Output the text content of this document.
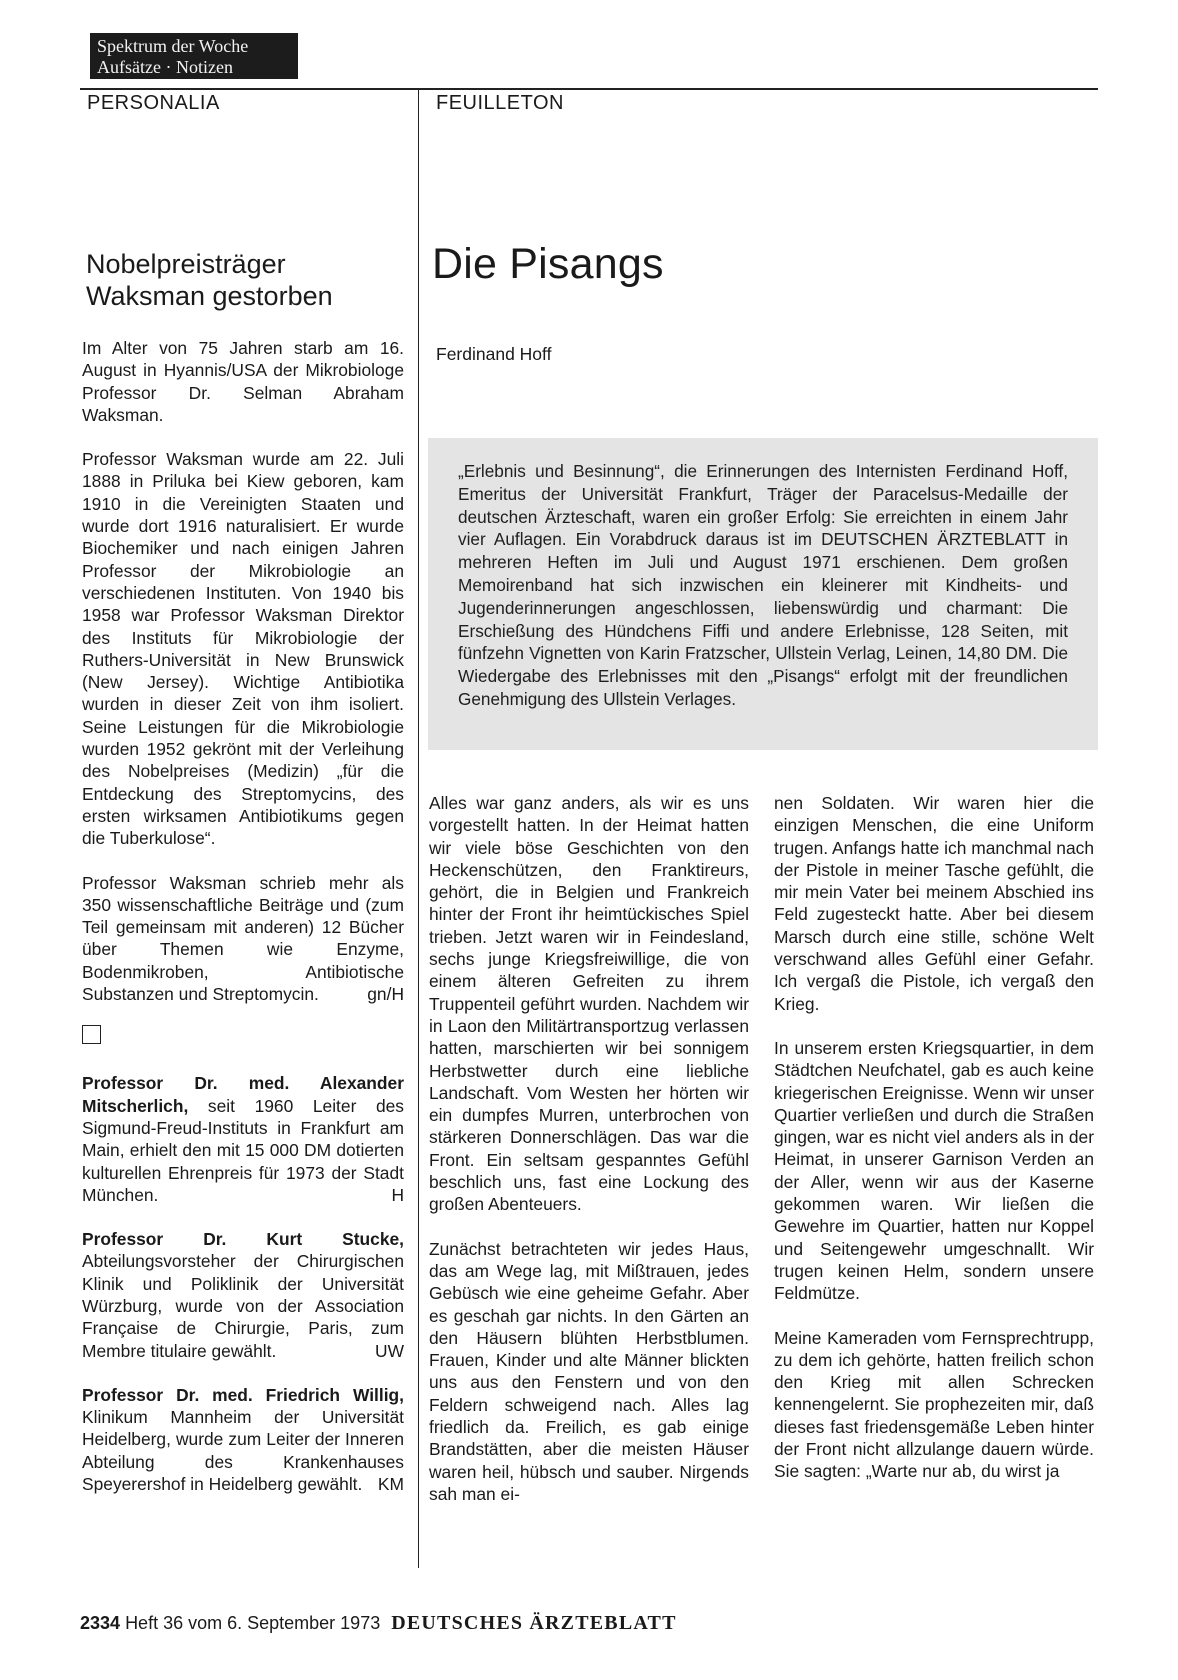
Spektrum der Woche
Aufsätze · Notizen
PERSONALIA	FEUILLETON
Nobelpreisträger
Waksman gestorben

Im Alter von 75 Jahren starb am 16. August in Hyannis/USA der Mikrobiologe Professor Dr. Selman Abraham Waksman.

Professor Waksman wurde am 22. Juli 1888 in Priluka bei Kiew geboren, kam 1910 in die Vereinigten Staaten und wurde dort 1916 naturalisiert. Er wurde Biochemiker und nach einigen Jahren Professor der Mikrobiologie an verschiedenen Instituten. Von 1940 bis 1958 war Professor Waksman Direktor des Instituts für Mikrobiologie der Ruthers-Universität in New Brunswick (New Jersey). Wichtige Antibiotika wurden in dieser Zeit von ihm isoliert. Seine Leistungen für die Mikrobiologie wurden 1952 gekrönt mit der Verleihung des Nobelpreises (Medizin) „für die Entdeckung des Streptomycins, des ersten wirksamen Antibiotikums gegen die Tuberkulose“.

Professor Waksman schrieb mehr als 350 wissenschaftliche Beiträge und (zum Teil gemeinsam mit anderen) 12 Bücher über Themen wie Enzyme, Bodenmikroben, Antibiotische Substanzen und Streptomycin.	gn/H

Professor Dr. med. Alexander Mitscherlich, seit 1960 Leiter des Sigmund-Freud-Instituts in Frankfurt am Main, erhielt den mit 15 000 DM dotierten kulturellen Ehrenpreis für 1973 der Stadt München.	H

Professor Dr. Kurt Stucke, Abteilungsvorsteher der Chirurgischen Klinik und Poliklinik der Universität Würzburg, wurde von der Association Française de Chirurgie, Paris, zum Membre titulaire gewählt.	UW

Professor Dr. med. Friedrich Willig, Klinikum Mannheim der Universität Heidelberg, wurde zum Leiter der Inneren Abteilung des Krankenhauses Speyerershof in Heidelberg gewählt. KM

Die Pisangs
Ferdinand Hoff

„Erlebnis und Besinnung“, die Erinnerungen des Internisten Ferdinand Hoff, Emeritus der Universität Frankfurt, Träger der Paracelsus-Medaille der deutschen Ärzteschaft, waren ein großer Erfolg: Sie erreichten in einem Jahr vier Auflagen. Ein Vorabdruck daraus ist im DEUTSCHEN ÄRZTEBLATT in mehreren Heften im Juli und August 1971 erschienen. Dem großen Memoirenband hat sich inzwischen ein kleinerer mit Kindheits- und Jugenderinnerungen angeschlossen, liebenswürdig und charmant: Die Erschießung des Hündchens Fiffi und andere Erlebnisse, 128 Seiten, mit fünfzehn Vignetten von Karin Fratzscher, Ullstein Verlag, Leinen, 14,80 DM. Die Wiedergabe des Erlebnisses mit den „Pisangs“ erfolgt mit der freundlichen Genehmigung des Ullstein Verlages.

Alles war ganz anders, als wir es uns vorgestellt hatten. In der Heimat hatten wir viele böse Geschichten von den Heckenschützen, den Franktireurs, gehört, die in Belgien und Frankreich hinter der Front ihr heimtückisches Spiel trieben. Jetzt waren wir in Feindesland, sechs junge Kriegsfreiwillige, die von einem älteren Gefreiten zu ihrem Truppenteil geführt wurden. Nachdem wir in Laon den Militärtransportzug verlassen hatten, marschierten wir bei sonnigem Herbstwetter durch eine liebliche Landschaft. Vom Westen her hörten wir ein dumpfes Murren, unterbrochen von stärkeren Donnerschlägen. Das war die Front. Ein seltsam gespanntes Gefühl beschlich uns, fast eine Lockung des großen Abenteuers.

Zunächst betrachteten wir jedes Haus, das am Wege lag, mit Mißtrauen, jedes Gebüsch wie eine geheime Gefahr. Aber es geschah gar nichts. In den Gärten an den Häusern blühten Herbstblumen. Frauen, Kinder und alte Männer blickten uns aus den Fenstern und von den Feldern schweigend nach. Alles lag friedlich da. Freilich, es gab einige Brandstätten, aber die meisten Häuser waren heil, hübsch und sauber. Nirgends sah man ei-

nen Soldaten. Wir waren hier die einzigen Menschen, die eine Uniform trugen. Anfangs hatte ich manchmal nach der Pistole in meiner Tasche gefühlt, die mir mein Vater bei meinem Abschied ins Feld zugesteckt hatte. Aber bei diesem Marsch durch eine stille, schöne Welt verschwand alles Gefühl einer Gefahr. Ich vergaß die Pistole, ich vergaß den Krieg.

In unserem ersten Kriegsquartier, in dem Städtchen Neufchatel, gab es auch keine kriegerischen Ereignisse. Wenn wir unser Quartier verließen und durch die Straßen gingen, war es nicht viel anders als in der Heimat, in unserer Garnison Verden an der Aller, wenn wir aus der Kaserne gekommen waren. Wir ließen die Gewehre im Quartier, hatten nur Koppel und Seitengewehr umgeschnallt. Wir trugen keinen Helm, sondern unsere Feldmütze.

Meine Kameraden vom Fernsprechtrupp, zu dem ich gehörte, hatten freilich schon den Krieg mit allen Schrecken kennengelernt. Sie prophezeiten mir, daß dieses fast friedensgemäße Leben hinter der Front nicht allzulange dauern würde. Sie sagten: „Warte nur ab, du wirst ja

2334 Heft 36 vom 6. September 1973 DEUTSCHES ÄRZTEBLATT
